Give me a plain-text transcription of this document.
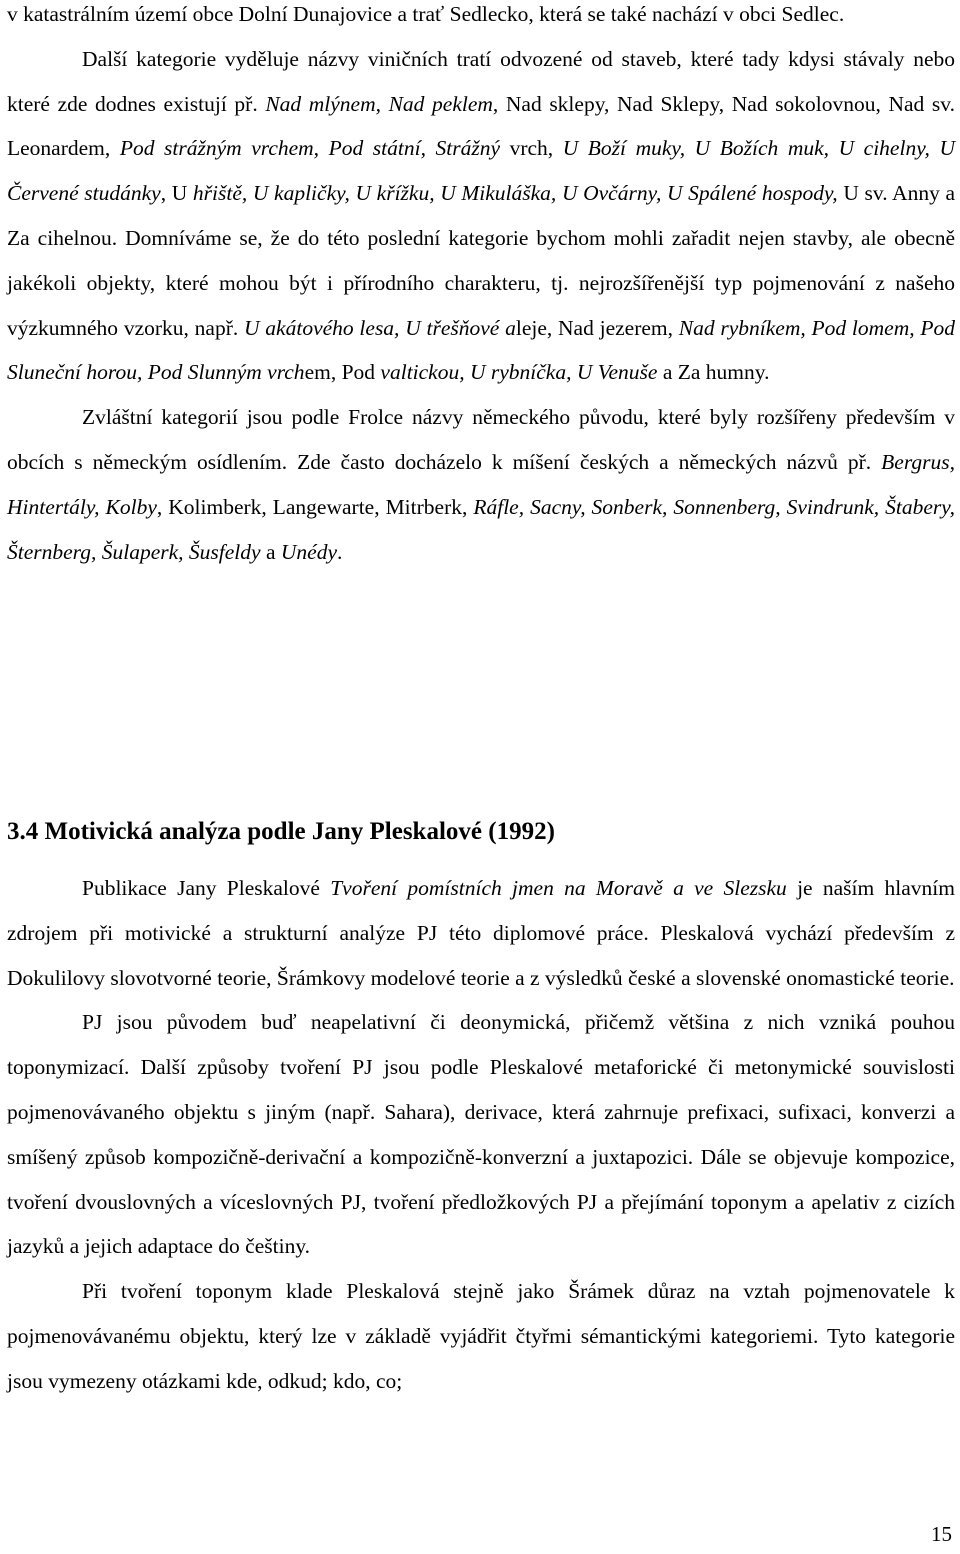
v katastrálním území obce Dolní Dunajovice a trať Sedlecko, která se také nachází v obci Sedlec.

Další kategorie vyděluje názvy viničních tratí odvozené od staveb, které tady kdysi stávaly nebo které zde dodnes existují př. Nad mlýnem, Nad peklem, Nad sklepy, Nad Sklepy, Nad sokolovnou, Nad sv. Leonardem, Pod strážným vrchem, Pod státní, Strážný vrch, U Boží muky, U Božích muk, U cihelny, U Červené studánky, U hřiště, U kapličky, U křížku, U Mikuláška, U Ovčárny, U Spálené hospody, U sv. Anny a Za cihelnou. Domníváme se, že do této poslední kategorie bychom mohli zařadit nejen stavby, ale obecně jakékoli objekty, které mohou být i přírodního charakteru, tj. nejrozšířenější typ pojmenování z našeho výzkumného vzorku, např. U akátového lesa, U třešňové aleje, Nad jezerem, Nad rybníkem, Pod lomem, Pod Sluneční horou, Pod Slunným vrchem, Pod valtickou, U rybníčka, U Venuše a Za humny.

Zvláštní kategorií jsou podle Frolce názvy německého původu, které byly rozšířeny především v obcích s německým osídlením. Zde často docházelo k míšení českých a německých názvů př. Bergrus, Hintertály, Kolby, Kolimberk, Langewarte, Mitrberk, Ráfle, Sacny, Sonberk, Sonnenberg, Svindrunk, Štabery, Šternberg, Šulaperk, Šusfeldy a Unédy.

3.4 Motivická analýza podle Jany Pleskalové (1992)

Publikace Jany Pleskalové Tvoření pomístních jmen na Moravě a ve Slezsku je naším hlavním zdrojem při motivické a strukturní analýze PJ této diplomové práce. Pleskalová vychází především z Dokulilovy slovotvorné teorie, Šrámkovy modelové teorie a z výsledků české a slovenské onomastické teorie.

PJ jsou původem buď neapelativní či deonymická, přičemž většina z nich vzniká pouhou toponymizací. Další způsoby tvoření PJ jsou podle Pleskalové metaforické či metonymické souvislosti pojmenovávaného objektu s jiným (např. Sahara), derivace, která zahrnuje prefixaci, sufixaci, konverzi a smíšený způsob kompozičně-derivační a kompozičně-konverzní a juxtapozici. Dále se objevuje kompozice, tvoření dvouslovných a víceslovných PJ, tvoření předložkových PJ a přejímání toponym a apelativ z cizích jazyků a jejich adaptace do češtiny.

Při tvoření toponym klade Pleskalová stejně jako Šrámek důraz na vztah pojmenovatele k pojmenovávanému objektu, který lze v základě vyjádřit čtyřmi sémantickými kategoriemi. Tyto kategorie jsou vymezeny otázkami kde, odkud; kdo, co;

15
